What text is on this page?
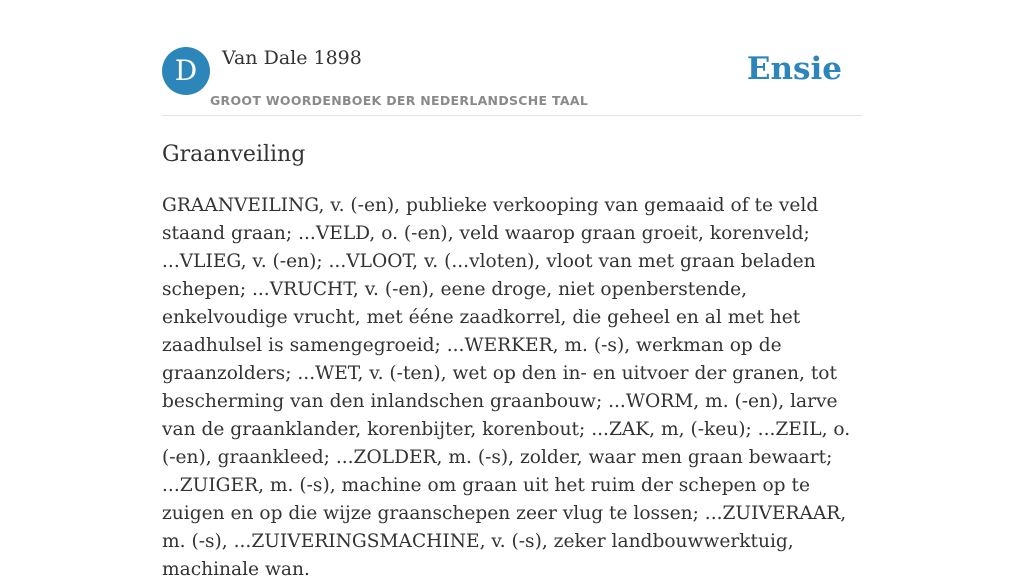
D	Van Dale 1898
GROOT WOORDENBOEK DER NEDERLANDSCHE TAAL
Ensie
Graanveiling

GRAANVEILING, v. (-en), publieke verkooping van gemaaid of te veld staand graan; ...VELD, o. (-en), veld waarop graan groeit, korenveld; ...VLIEG, v. (-en); ...VLOOT, v. (...vloten), vloot van met graan beladen schepen; ...VRUCHT, v. (-en), eene droge, niet openberstende, enkelvoudige vrucht, met ééne zaadkorrel, die geheel en al met het zaadhulsel is samengegroeid; ...WERKER, m. (-s), werkman op de graanzolders; ...WET, v. (-ten), wet op den in- en uitvoer der granen, tot bescherming van den inlandschen graanbouw; ...WORM, m. (-en), larve van de graanklander, korenbijter, korenbout; ...ZAK, m, (-keu); ...ZEIL, o. (-en), graankleed; ...ZOLDER, m. (-s), zolder, waar men graan bewaart; ...ZUIGER, m. (-s), machine om graan uit het ruim der schepen op te zuigen en op die wijze graanschepen zeer vlug te lossen; ...ZUIVERAAR, m. (-s), ...ZUIVERINGSMACHINE, v. (-s), zeker landbouwwerktuig, machinale wan.
